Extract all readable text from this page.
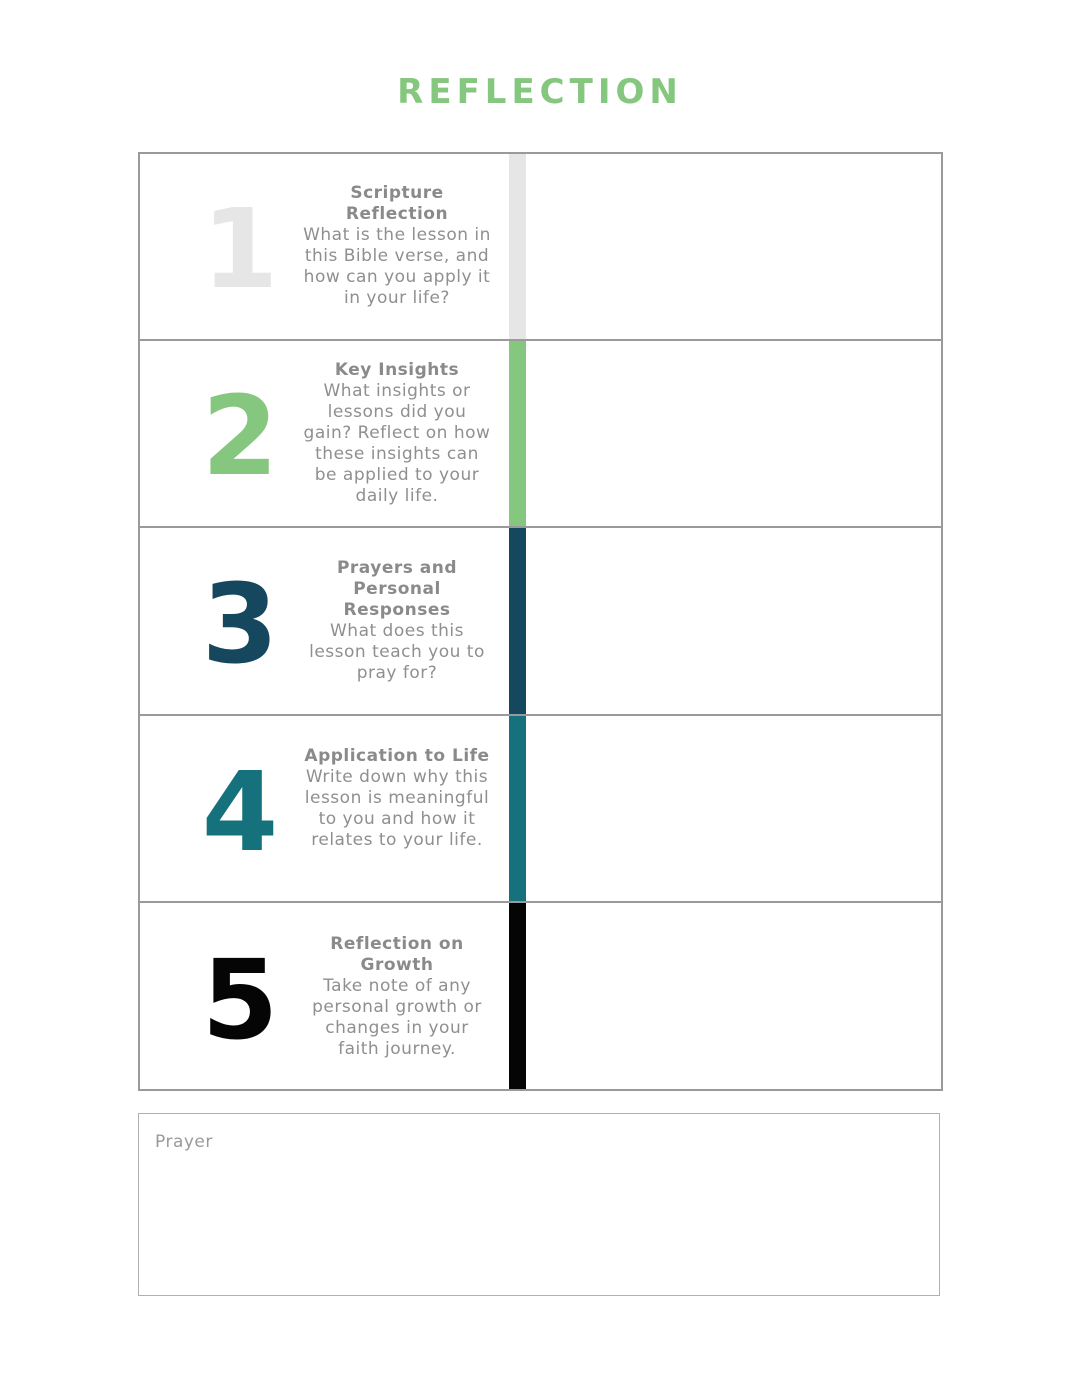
REFLECTION
1	Scripture Reflection
What is the lesson in this Bible verse, and how can you apply it in your life?
2
Key Insights
What insights or lessons did you gain? Reflect on how these insights can be applied to your daily life.
3	Prayers and Personal Responses
What does this lesson teach you to pray for?
4	Application to Life
Write down why this lesson is meaningful to you and how it relates to your life.
5	Reflection on Growth
Take note of any personal growth or changes in your faith journey.
Prayer
